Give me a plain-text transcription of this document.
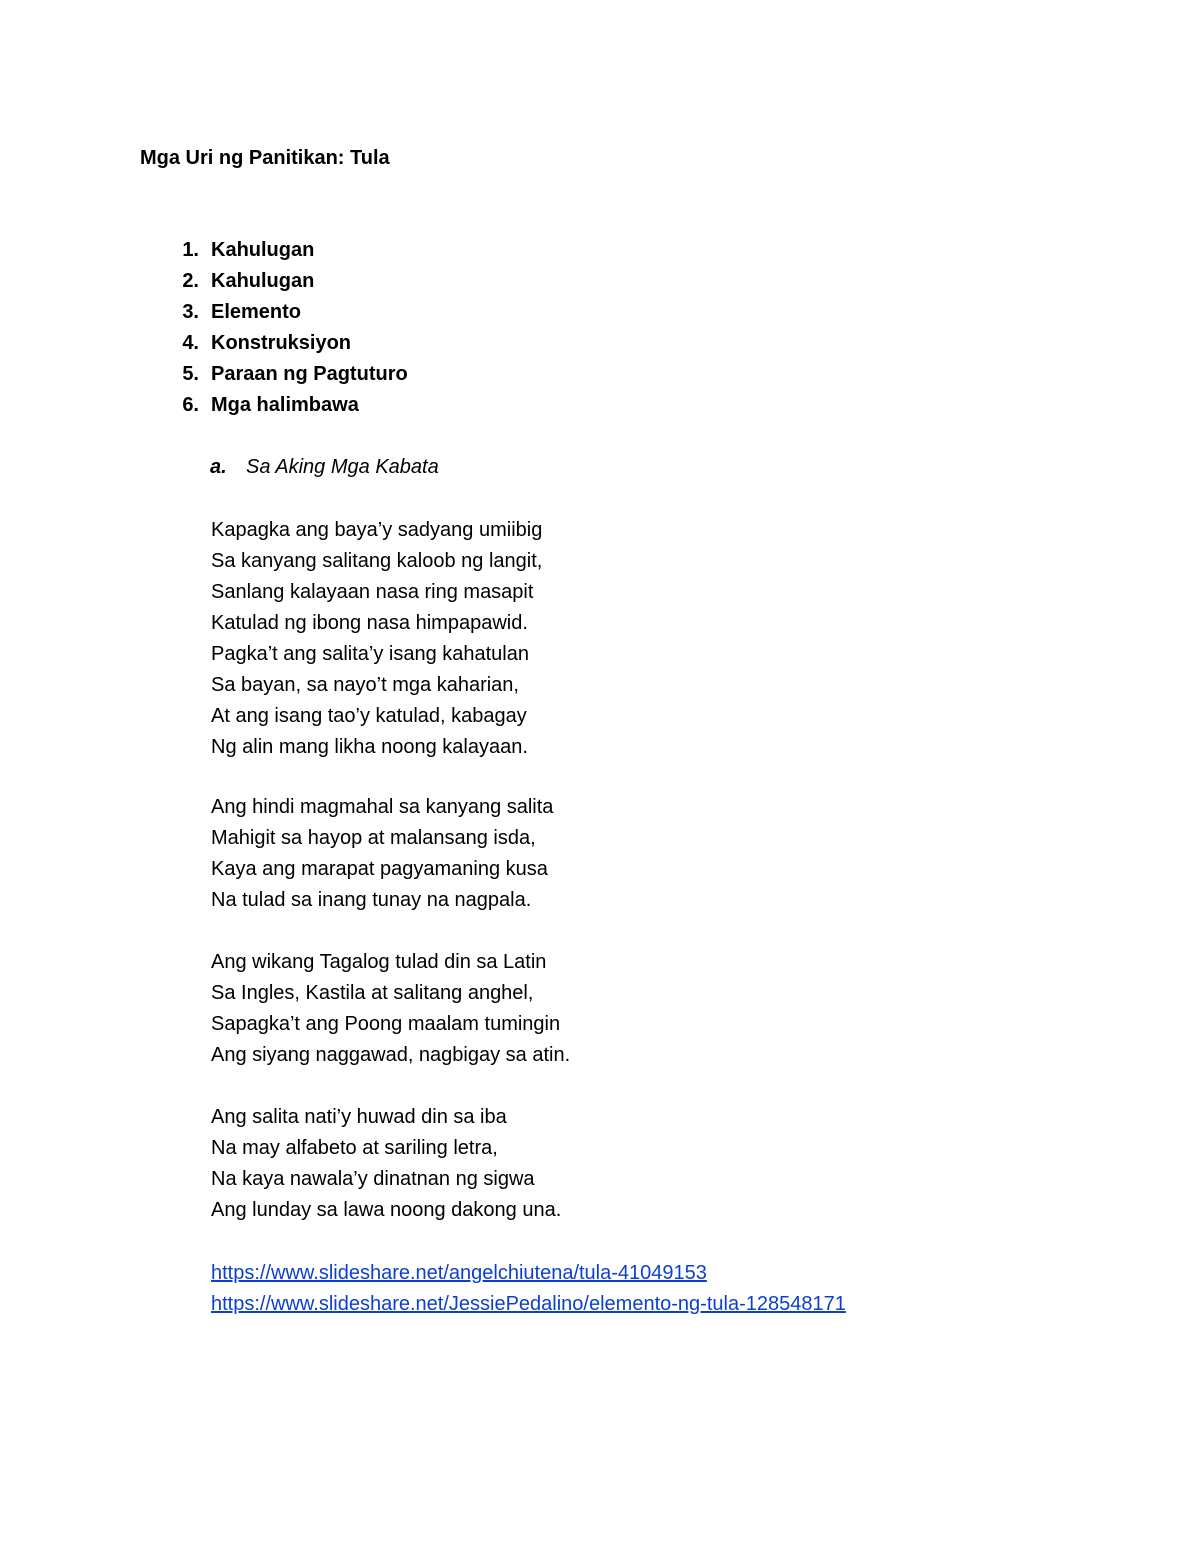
Mga Uri ng Panitikan: Tula
1. Kahulugan
2. Kahulugan
3. Elemento
4. Konstruksiyon
5. Paraan ng Pagtuturo
6. Mga halimbawa
a. Sa Aking Mga Kabata
Kapagka ang baya’y sadyang umiibig
Sa kanyang salitang kaloob ng langit,
Sanlang kalayaan nasa ring masapit
Katulad ng ibong nasa himpapawid.
Pagka’t ang salita’y isang kahatulan
Sa bayan, sa nayo’t mga kaharian,
At ang isang tao’y katulad, kabagay
Ng alin mang likha noong kalayaan.
Ang hindi magmahal sa kanyang salita
Mahigit sa hayop at malansang isda,
Kaya ang marapat pagyamaning kusa
Na tulad sa inang tunay na nagpala.
Ang wikang Tagalog tulad din sa Latin
Sa Ingles, Kastila at salitang anghel,
Sapagka’t ang Poong maalam tumingin
Ang siyang naggawad, nagbigay sa atin.
Ang salita nati’y huwad din sa iba
Na may alfabeto at sariling letra,
Na kaya nawala’y dinatnan ng sigwa
Ang lunday sa lawa noong dakong una.
https://www.slideshare.net/angelchiutena/tula-41049153
https://www.slideshare.net/JessiePedalino/elemento-ng-tula-128548171
